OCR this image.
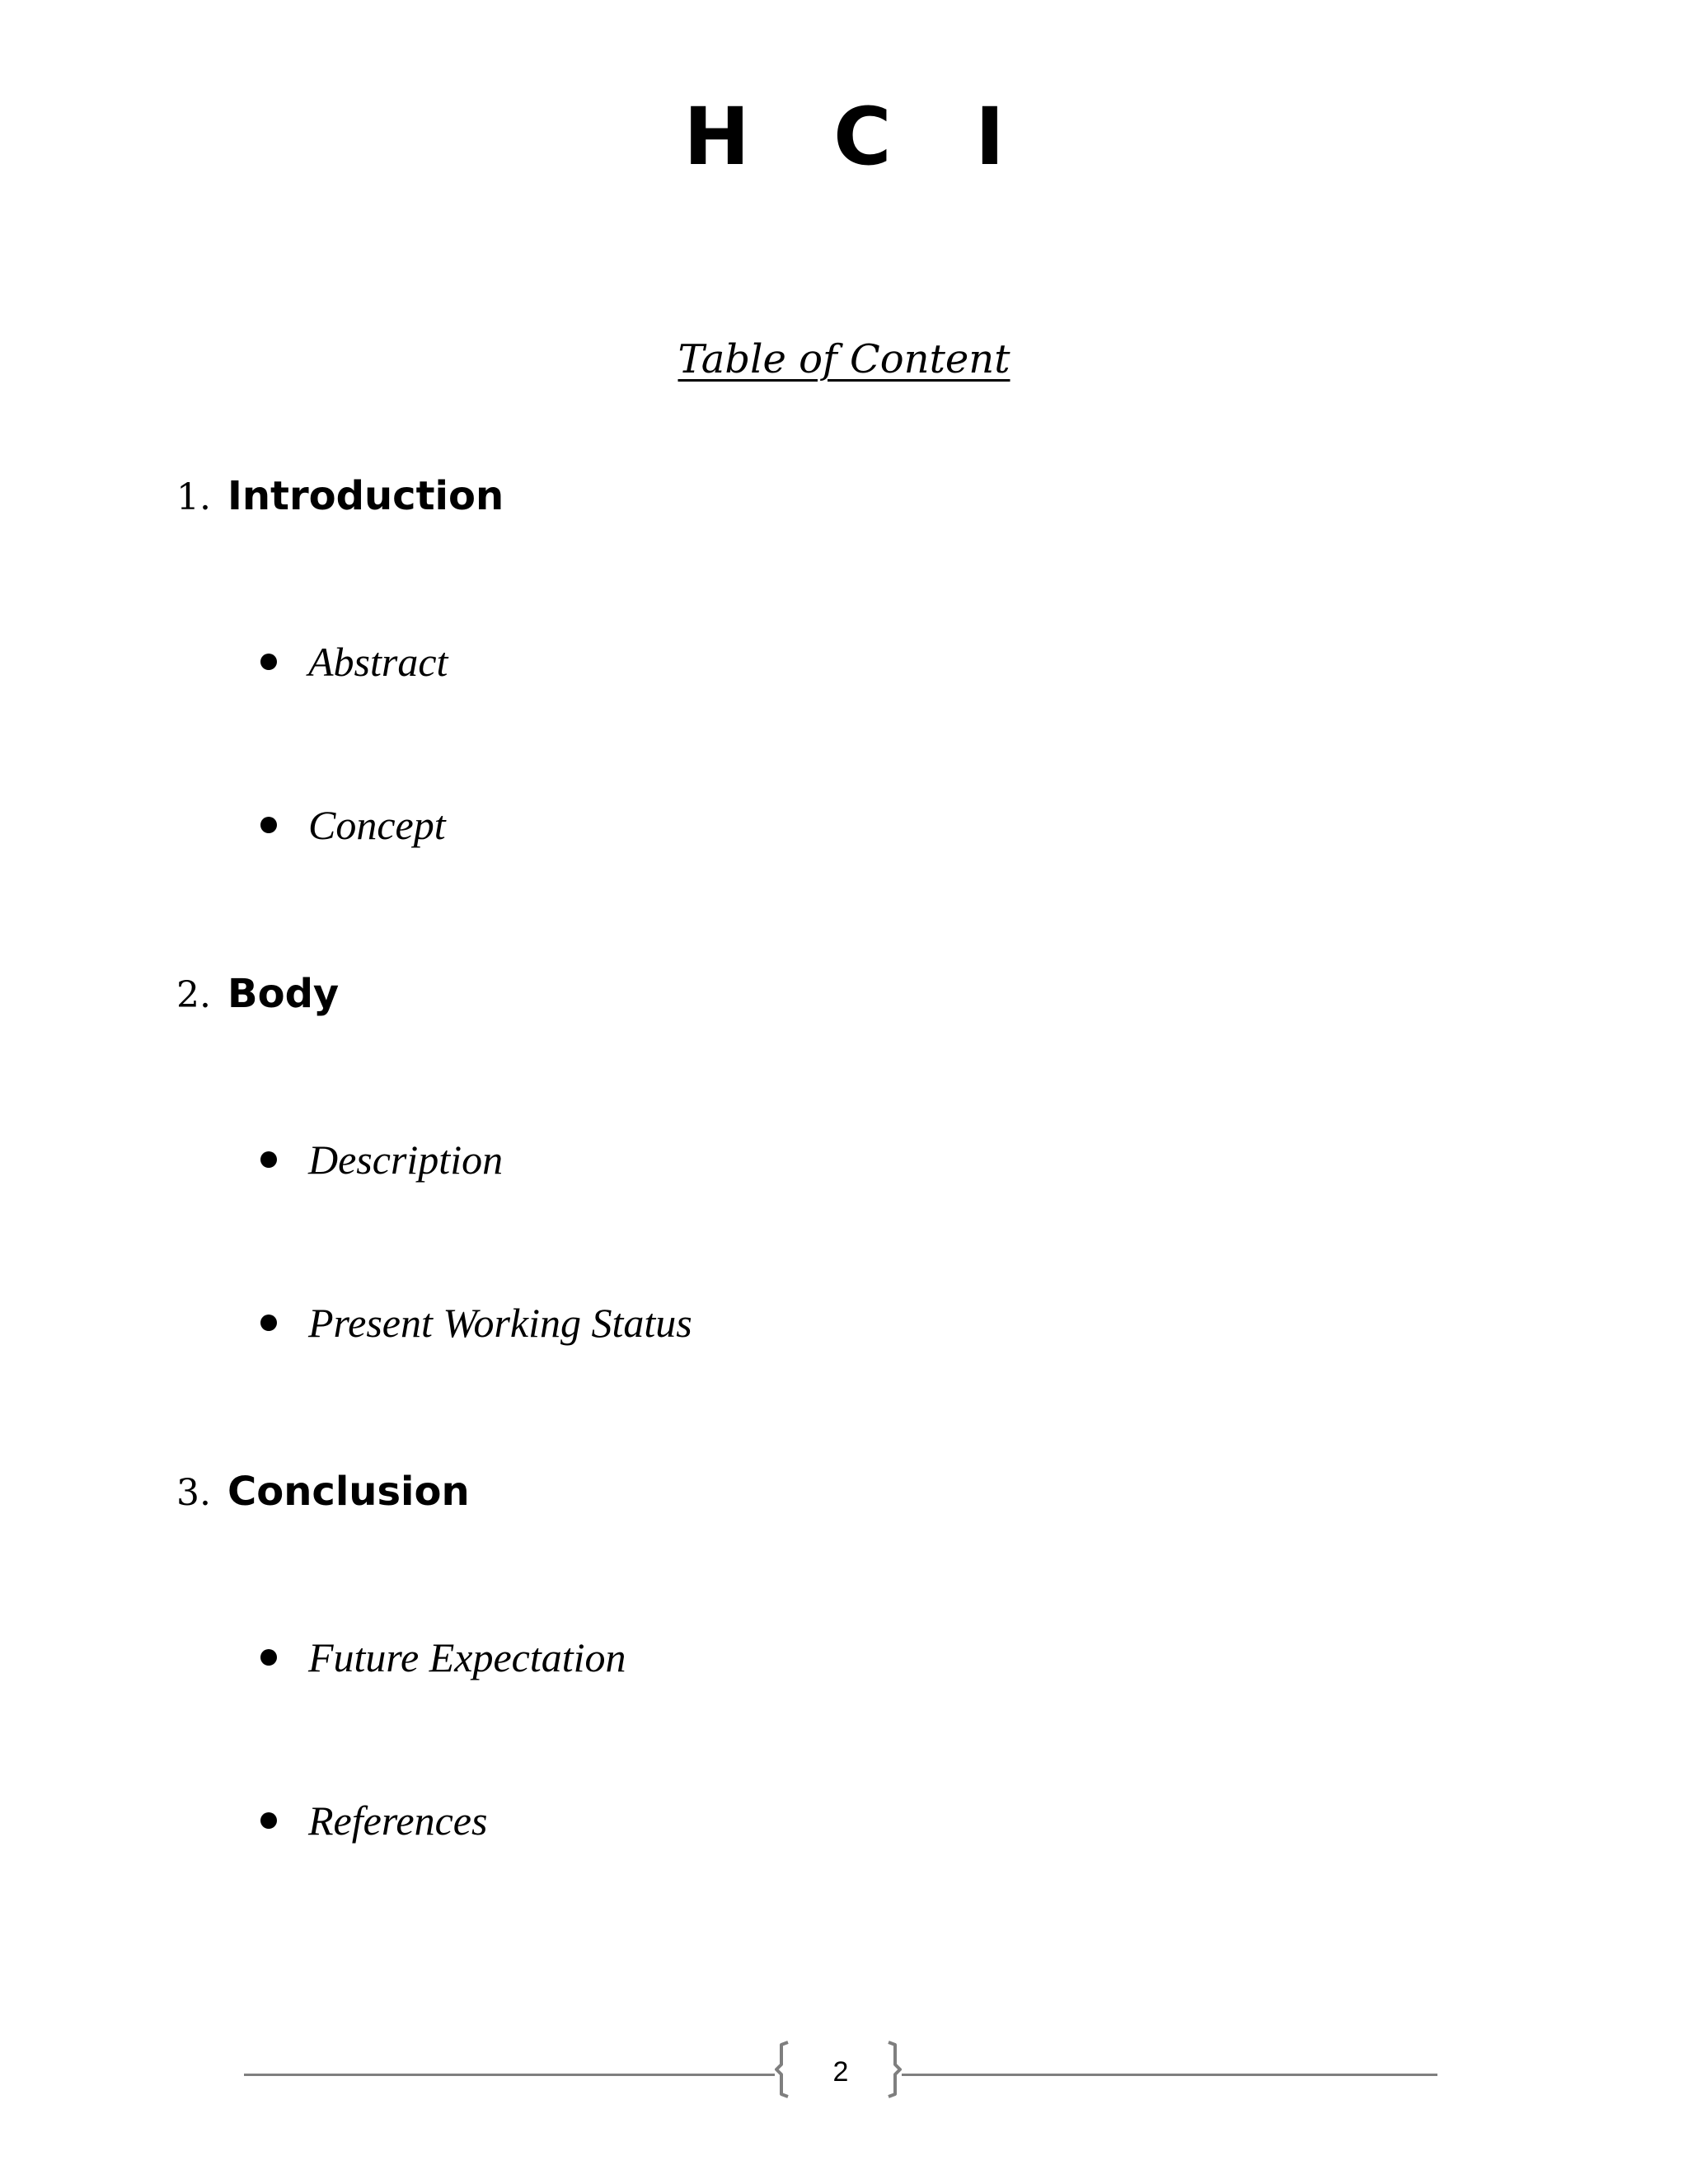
H C I
Table of Content
1. Introduction
Abstract
Concept
2. Body
Description
Present Working Status
3. Conclusion
Future Expectation
References
2
